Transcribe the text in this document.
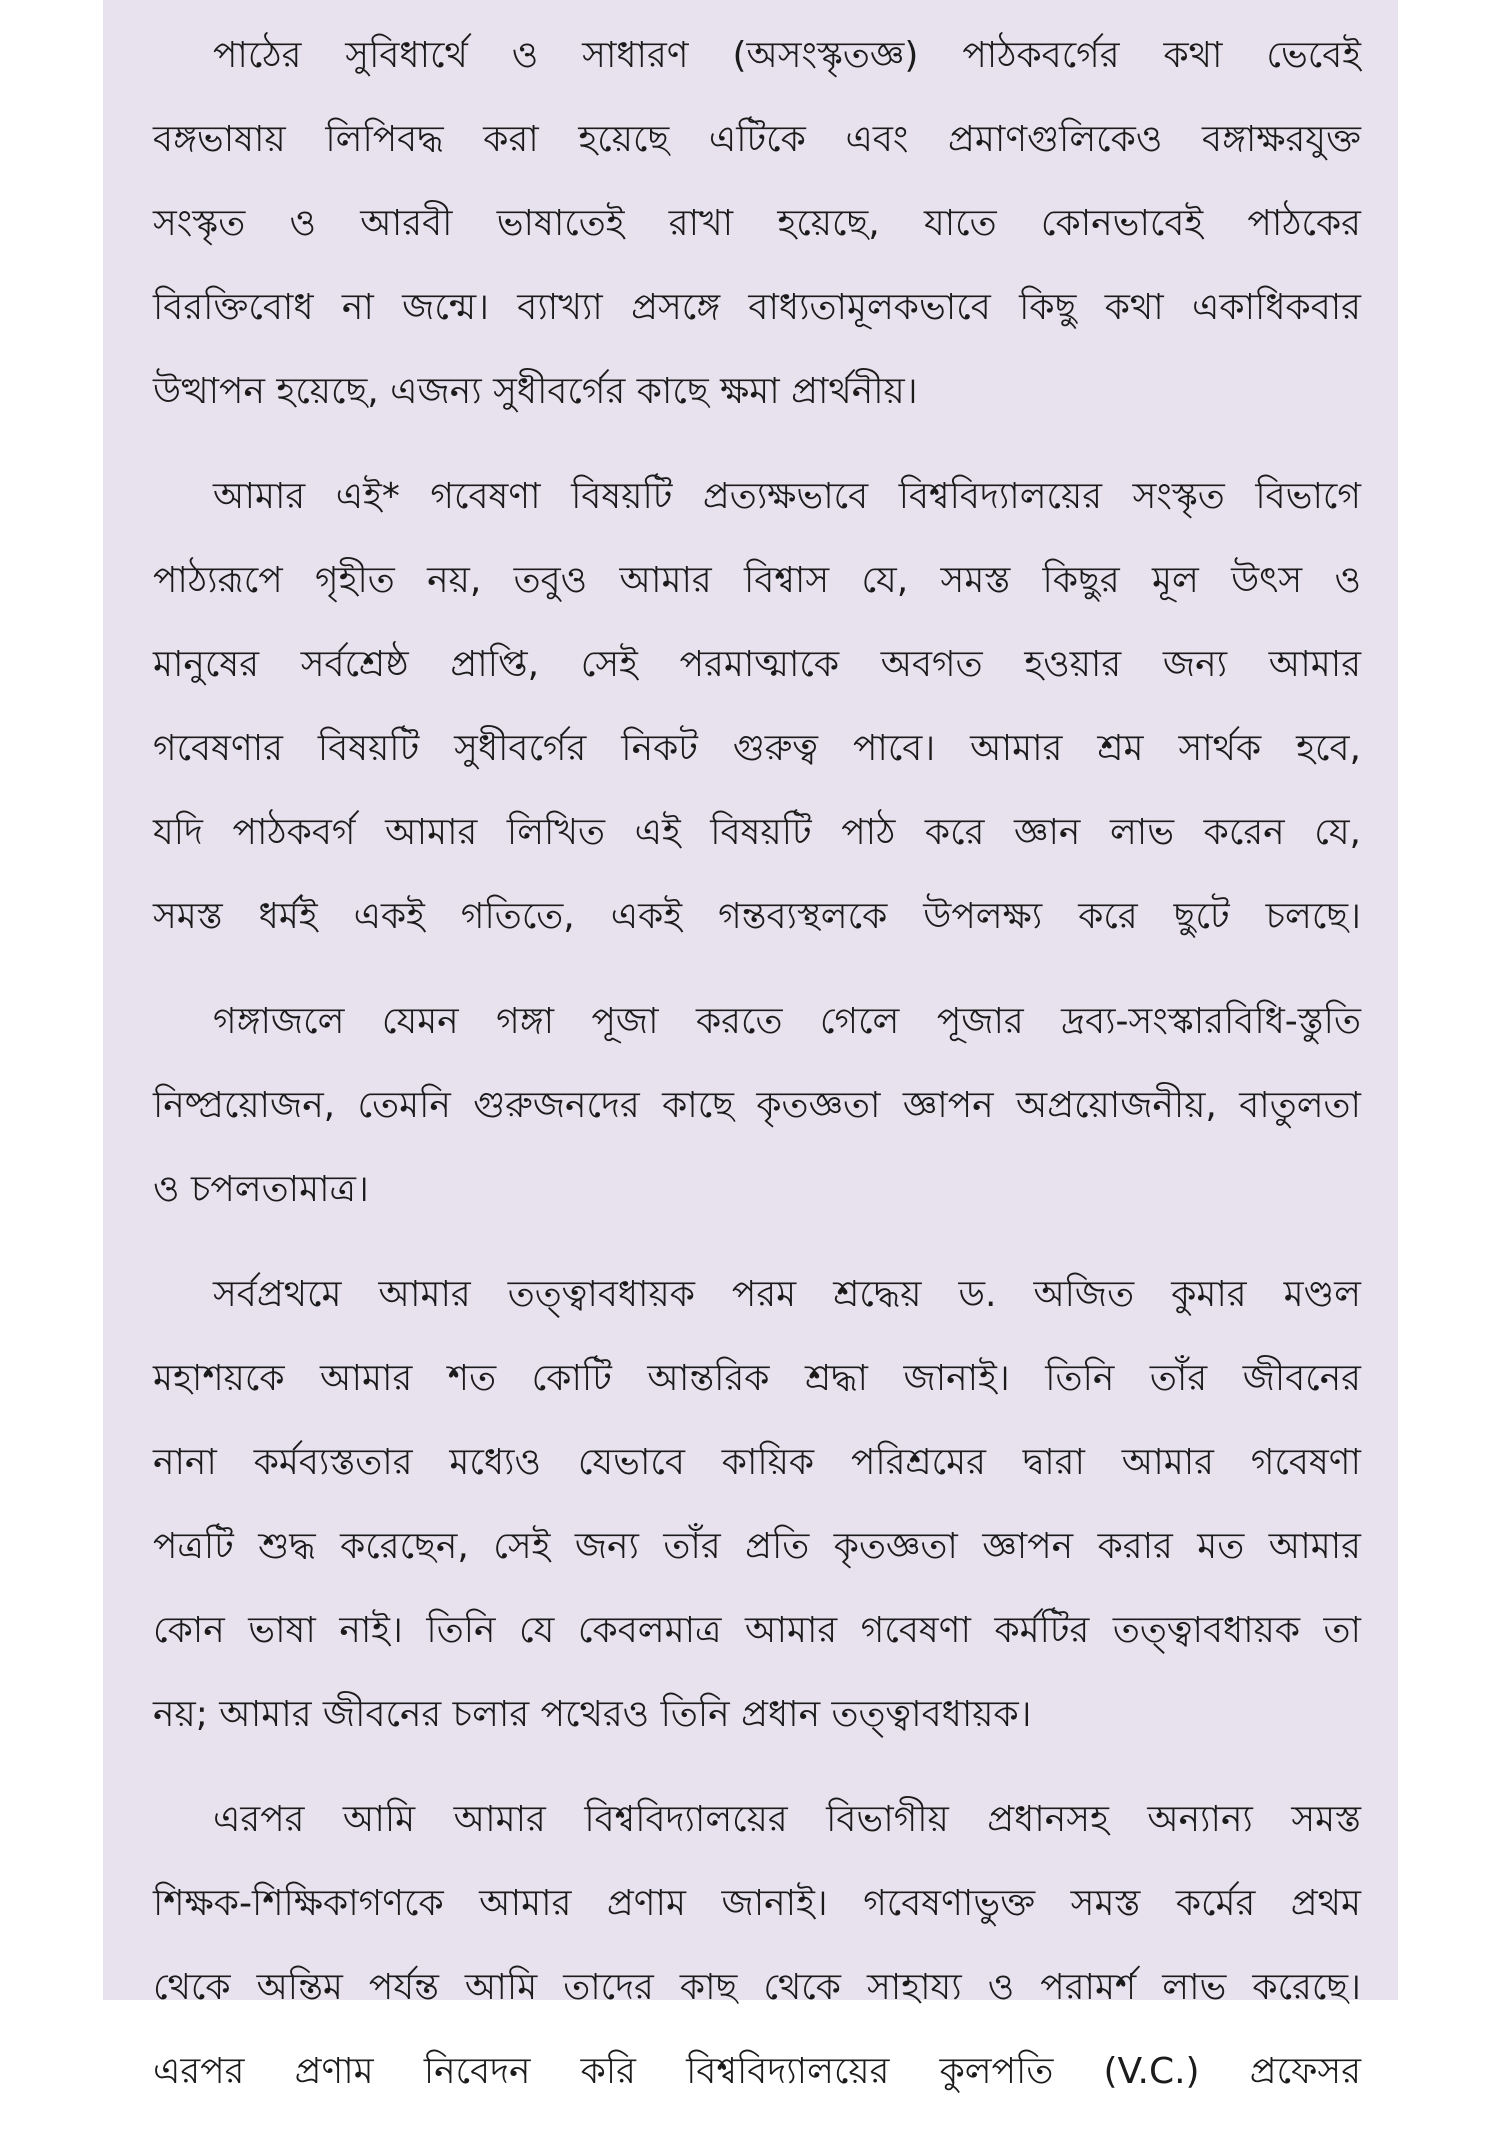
পাঠের সুবিধার্থে ও সাধারণ (অসংস্কৃতজ্ঞ) পাঠকবর্গের কথা ভেবেই
বঙ্গভাষায় লিপিবদ্ধ করা হয়েছে এটিকে এবং প্রমাণগুলিকেও বঙ্গাক্ষরযুক্ত
সংস্কৃত ও আরবী ভাষাতেই রাখা হয়েছে, যাতে কোনভাবেই পাঠকের
বিরক্তিবোধ না জন্মে। ব্যাখ্যা প্রসঙ্গে বাধ্যতামূলকভাবে কিছু কথা একাধিকবার
উত্থাপন হয়েছে, এজন্য সুধীবর্গের কাছে ক্ষমা প্রার্থনীয়।
আমার এই* গবেষণা বিষয়টি প্রত্যক্ষভাবে বিশ্ববিদ্যালয়ের সংস্কৃত বিভাগে
পাঠ্যরূপে গৃহীত নয়, তবুও আমার বিশ্বাস যে, সমস্ত কিছুর মূল উৎস ও
মানুষের সর্বশ্রেষ্ঠ প্রাপ্তি, সেই পরমাত্মাকে অবগত হওয়ার জন্য আমার
গবেষণার বিষয়টি সুধীবর্গের নিকট গুরুত্ব পাবে। আমার শ্রম সার্থক হবে,
যদি পাঠকবর্গ আমার লিখিত এই বিষয়টি পাঠ করে জ্ঞান লাভ করেন যে,
সমস্ত ধর্মই একই গতিতে, একই গন্তব্যস্থলকে উপলক্ষ্য করে ছুটে চলছে।
গঙ্গাজলে যেমন গঙ্গা পূজা করতে গেলে পূজার দ্রব্য-সংস্কারবিধি-স্তুতি
নিষ্প্রয়োজন, তেমনি গুরুজনদের কাছে কৃতজ্ঞতা জ্ঞাপন অপ্রয়োজনীয়, বাতুলতা
ও চপলতামাত্র।
সর্বপ্রথমে আমার তত্ত্বাবধায়ক পরম শ্রদ্ধেয় ড. অজিত কুমার মণ্ডল
মহাশয়কে আমার শত কোটি আন্তরিক শ্রদ্ধা জানাই। তিনি তাঁর জীবনের
নানা কর্মব্যস্ততার মধ্যেও যেভাবে কায়িক পরিশ্রমের দ্বারা আমার গবেষণা
পত্রটি শুদ্ধ করেছেন, সেই জন্য তাঁর প্রতি কৃতজ্ঞতা জ্ঞাপন করার মত আমার
কোন ভাষা নাই। তিনি যে কেবলমাত্র আমার গবেষণা কর্মটির তত্ত্বাবধায়ক তা
নয়; আমার জীবনের চলার পথেরও তিনি প্রধান তত্ত্বাবধায়ক।
এরপর আমি আমার বিশ্ববিদ্যালয়ের বিভাগীয় প্রধানসহ অন্যান্য সমস্ত
শিক্ষক-শিক্ষিকাগণকে আমার প্রণাম জানাই। গবেষণাভুক্ত সমস্ত কর্মের প্রথম
থেকে অন্তিম পর্যন্ত আমি তাদের কাছ থেকে সাহায্য ও পরামর্শ লাভ করেছে।
এরপর প্রণাম নিবেদন করি বিশ্ববিদ্যালয়ের কুলপতি (V.C.) প্রফেসর
